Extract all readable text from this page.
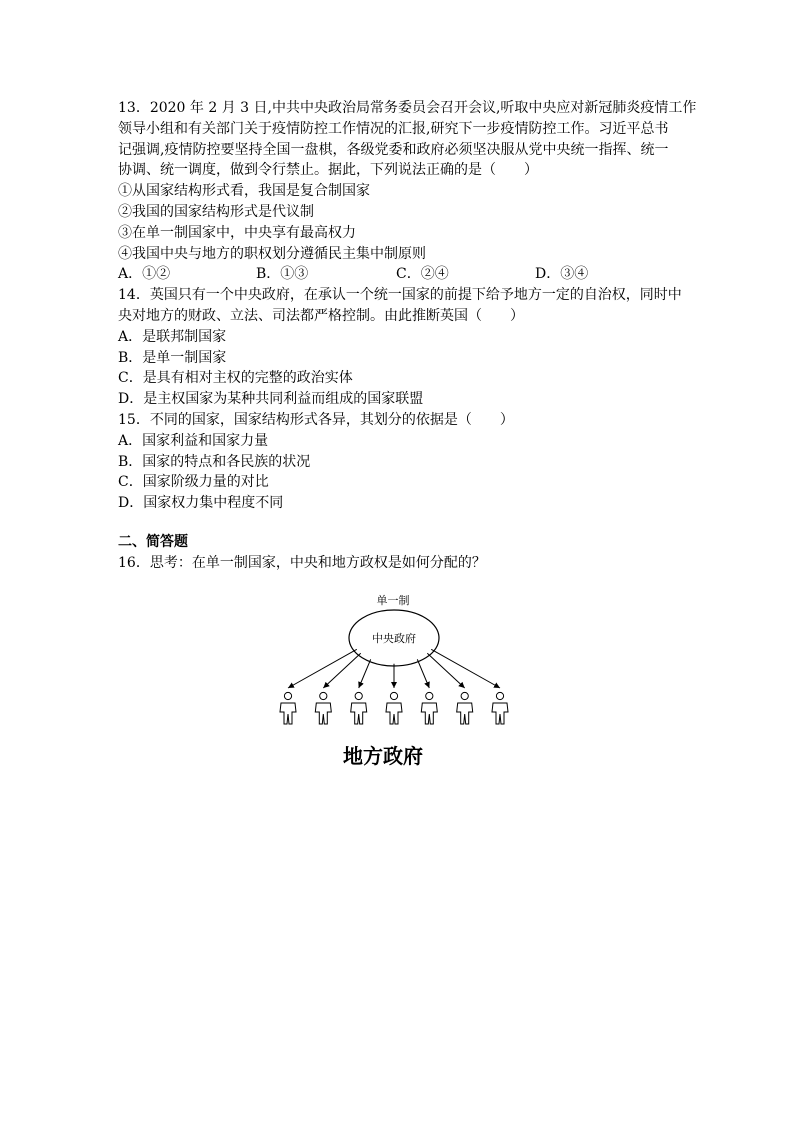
13．2020 年 2 月 3 日,中共中央政治局常务委员会召开会议,听取中央应对新冠肺炎疫情工作
领导小组和有关部门关于疫情防控工作情况的汇报,研究下一步疫情防控工作。习近平总书
记强调,疫情防控要坚持全国一盘棋，各级党委和政府必须坚决服从党中央统一指挥、统一
协调、统一调度，做到令行禁止。据此，下列说法正确的是（　　）
①从国家结构形式看，我国是复合制国家
②我国的国家结构形式是代议制
③在单一制国家中，中央享有最高权力
④我国中央与地方的职权划分遵循民主集中制原则
A．①②	B．①③	C．②④	D．③④
14．英国只有一个中央政府，在承认一个统一国家的前提下给予地方一定的自治权，同时中
央对地方的财政、立法、司法都严格控制。由此推断英国（　　）
A．是联邦制国家
B．是单一制国家
C．是具有相对主权的完整的政治实体
D．是主权国家为某种共同利益而组成的国家联盟
15．不同的国家，国家结构形式各异，其划分的依据是（　　）
A．国家利益和国家力量
B．国家的特点和各民族的状况
C．国家阶级力量的对比
D．国家权力集中程度不同
二、简答题
16．思考：在单一制国家，中央和地方政权是如何分配的？
单一制
中央政府
地方政府
